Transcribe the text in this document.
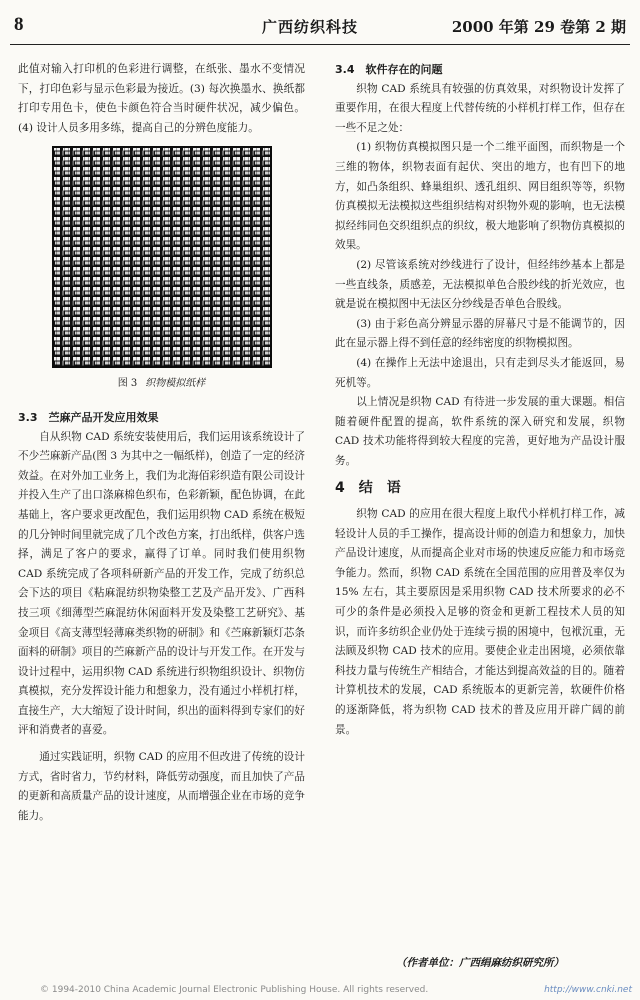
8	广西纺织科技	2000 年第 29 卷第 2 期

此值对输入打印机的色彩进行调整，在纸张、墨水不变情况下，打印色彩与显示色彩最为接近。(3) 每次换墨水、换纸都打印专用色卡，使色卡颜色符合当时硬件状况，减少偏色。(4) 设计人员多用多练，提高自己的分辨色度能力。

图 3 织物模拟纸样

3.3　苎麻产品开发应用效果

自从织物 CAD 系统安装使用后，我们运用该系统设计了不少苎麻新产品(图 3 为其中之一幅纸样)，创造了一定的经济效益。在对外加工业务上，我们为北海佰彩织造有限公司设计并投入生产了出口涤麻棉色织布，色彩新颖，配色协调，在此基础上，客户要求更改配色，我们运用织物 CAD 系统在极短的几分钟时间里就完成了几个改色方案，打出纸样，供客户选择，满足了客户的要求，赢得了订单。同时我们使用织物 CAD 系统完成了各项科研新产品的开发工作，完成了纺织总会下达的项目《粘麻混纺织物染整工艺及产品开发》、广西科技三项《细薄型苎麻混纺休闲面料开发及染整工艺研究》、基金项目《高支薄型轻薄麻类织物的研制》和《苎麻新颖灯芯条面料的研制》项目的苎麻新产品的设计与开发工作。在开发与设计过程中，运用织物 CAD 系统进行织物组织设计、织物仿真模拟，充分发挥设计能力和想象力，没有通过小样机打样，直接生产，大大缩短了设计时间，织出的面料得到专家们的好评和消费者的喜爱。

通过实践证明，织物 CAD 的应用不但改进了传统的设计方式，省时省力，节约材料，降低劳动强度，而且加快了产品的更新和高质量产品的设计速度，从而增强企业在市场的竞争能力。

3.4　软件存在的问题

织物 CAD 系统具有较强的仿真效果，对织物设计发挥了重要作用，在很大程度上代替传统的小样机打样工作，但存在一些不足之处：

(1) 织物仿真模拟图只是一个二维平面图，而织物是一个三维的物体，织物表面有起伏、突出的地方，也有凹下的地方，如凸条组织、蜂巢组织、透孔组织、网目组织等等，织物仿真模拟无法模拟这些组织结构对织物外观的影响，也无法模拟经纬同色交织组织点的织纹，极大地影响了织物仿真模拟的效果。

(2) 尽管该系统对纱线进行了设计，但经纬纱基本上都是一些直线条，质感差，无法模拟单色合股纱线的折光效应，也就是说在模拟图中无法区分纱线是否单色合股线。

(3) 由于彩色高分辨显示器的屏幕尺寸是不能调节的，因此在显示器上得不到任意的经纬密度的织物模拟图。

(4) 在操作上无法中途退出，只有走到尽头才能返回，易死机等。

以上情况是织物 CAD 有待进一步发展的重大课题。相信随着硬件配置的提高，软件系统的深入研究和发展，织物 CAD 技术功能将得到较大程度的完善，更好地为产品设计服务。

4　结　语

织物 CAD 的应用在很大程度上取代小样机打样工作，减轻设计人员的手工操作，提高设计师的创造力和想象力，加快产品设计速度，从而提高企业对市场的快速反应能力和市场竞争能力。然而，织物 CAD 系统在全国范围的应用普及率仅为 15% 左右，其主要原因是采用织物 CAD 技术所要求的必不可少的条件是必须投入足够的资金和更新工程技术人员的知识，而许多纺织企业仍处于连续亏损的困境中，包袱沉重，无法顾及织物 CAD 技术的应用。要使企业走出困境，必须依靠科技力量与传统生产相结合，才能达到提高效益的目的。随着计算机技术的发展，CAD 系统版本的更新完善，软硬件价格的逐渐降低，将为织物 CAD 技术的普及应用开辟广阔的前景。

（作者单位：广西绢麻纺织研究所）
© 1994-2010 China Academic Journal Electronic Publishing House. All rights reserved.	http://www.cnki.net
